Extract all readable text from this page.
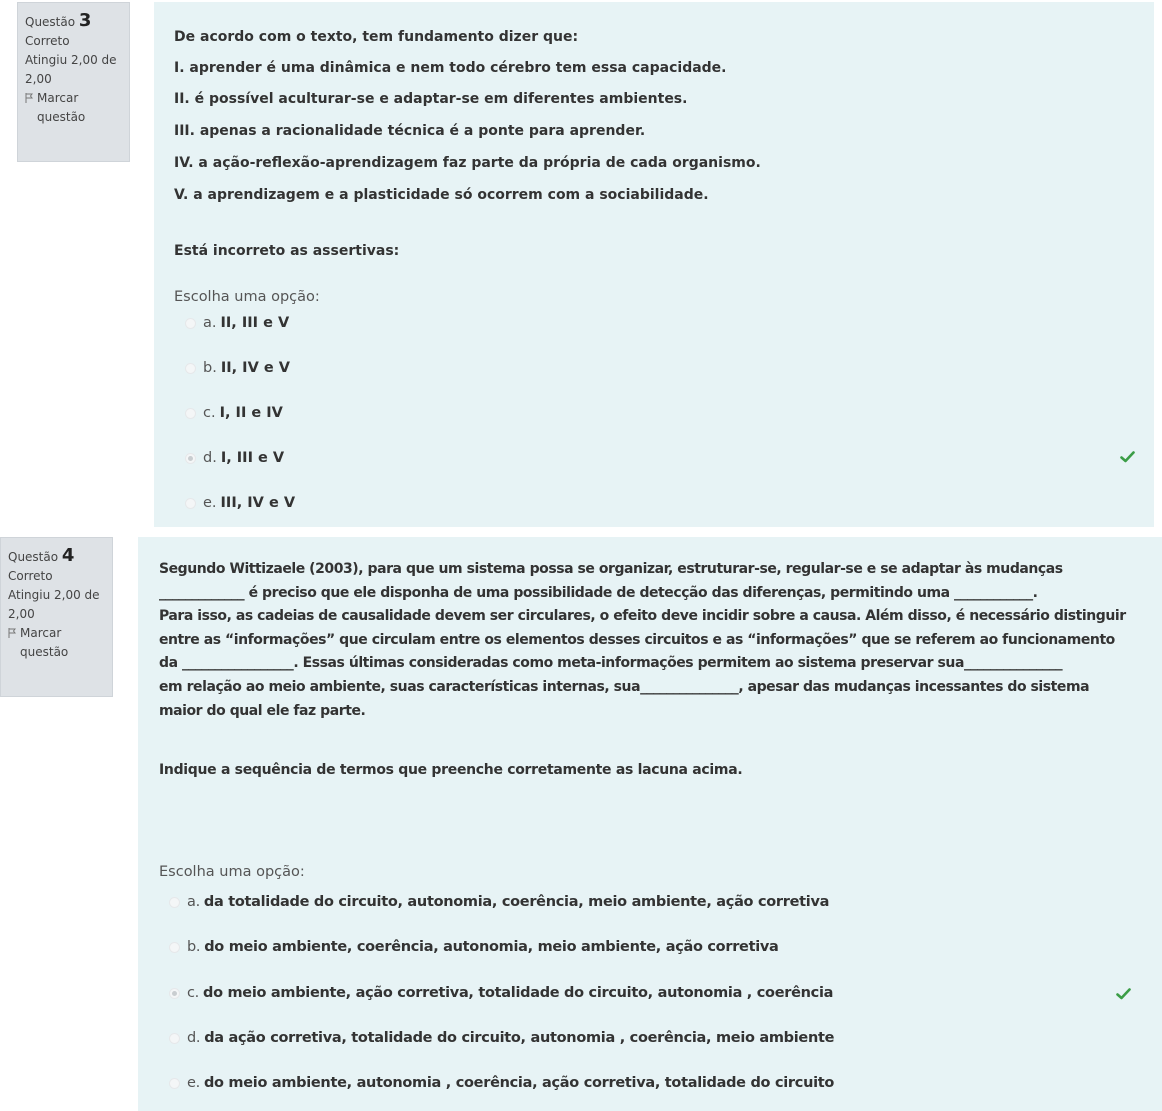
Questão 3
Correto
Atingiu 2,00 de 2,00
Marcar questão

De acordo com o texto, tem fundamento dizer que:

I. aprender é uma dinâmica e nem todo cérebro tem essa capacidade.

II. é possível aculturar-se e adaptar-se em diferentes ambientes.

III. apenas a racionalidade técnica é a ponte para aprender.

IV. a ação-reflexão-aprendizagem faz parte da própria de cada organismo.

V. a aprendizagem e a plasticidade só ocorrem com a sociabilidade.

Está incorreto as assertivas:
Escolha uma opção:
a. II, III e V
b. II, IV e V
c. I, II e IV
d. I, III e V
e. III, IV e V
Questão 4
Correto
Atingiu 2,00 de 2,00
Marcar questão

Segundo Wittizaele (2003), para que um sistema possa se organizar, estruturar-se, regular-se e se adaptar às mudanças

_____________ é preciso que ele disponha de uma possibilidade de detecção das diferenças, permitindo uma ____________.

Para isso, as cadeias de causalidade devem ser circulares, o efeito deve incidir sobre a causa. Além disso, é necessário distinguir

entre as “informações” que circulam entre os elementos desses circuitos e as “informações” que se referem ao funcionamento

da _________________. Essas últimas consideradas como meta-informações permitem ao sistema preservar sua_______________

em relação ao meio ambiente, suas características internas, sua_______________, apesar das mudanças incessantes do sistema

maior do qual ele faz parte.

Indique a sequência de termos que preenche corretamente as lacuna acima.
Escolha uma opção:
a. da totalidade do circuito, autonomia, coerência, meio ambiente, ação corretiva
b. do meio ambiente, coerência, autonomia, meio ambiente, ação corretiva
c. do meio ambiente, ação corretiva, totalidade do circuito, autonomia , coerência
d. da ação corretiva, totalidade do circuito, autonomia , coerência, meio ambiente
e. do meio ambiente, autonomia , coerência, ação corretiva, totalidade do circuito
